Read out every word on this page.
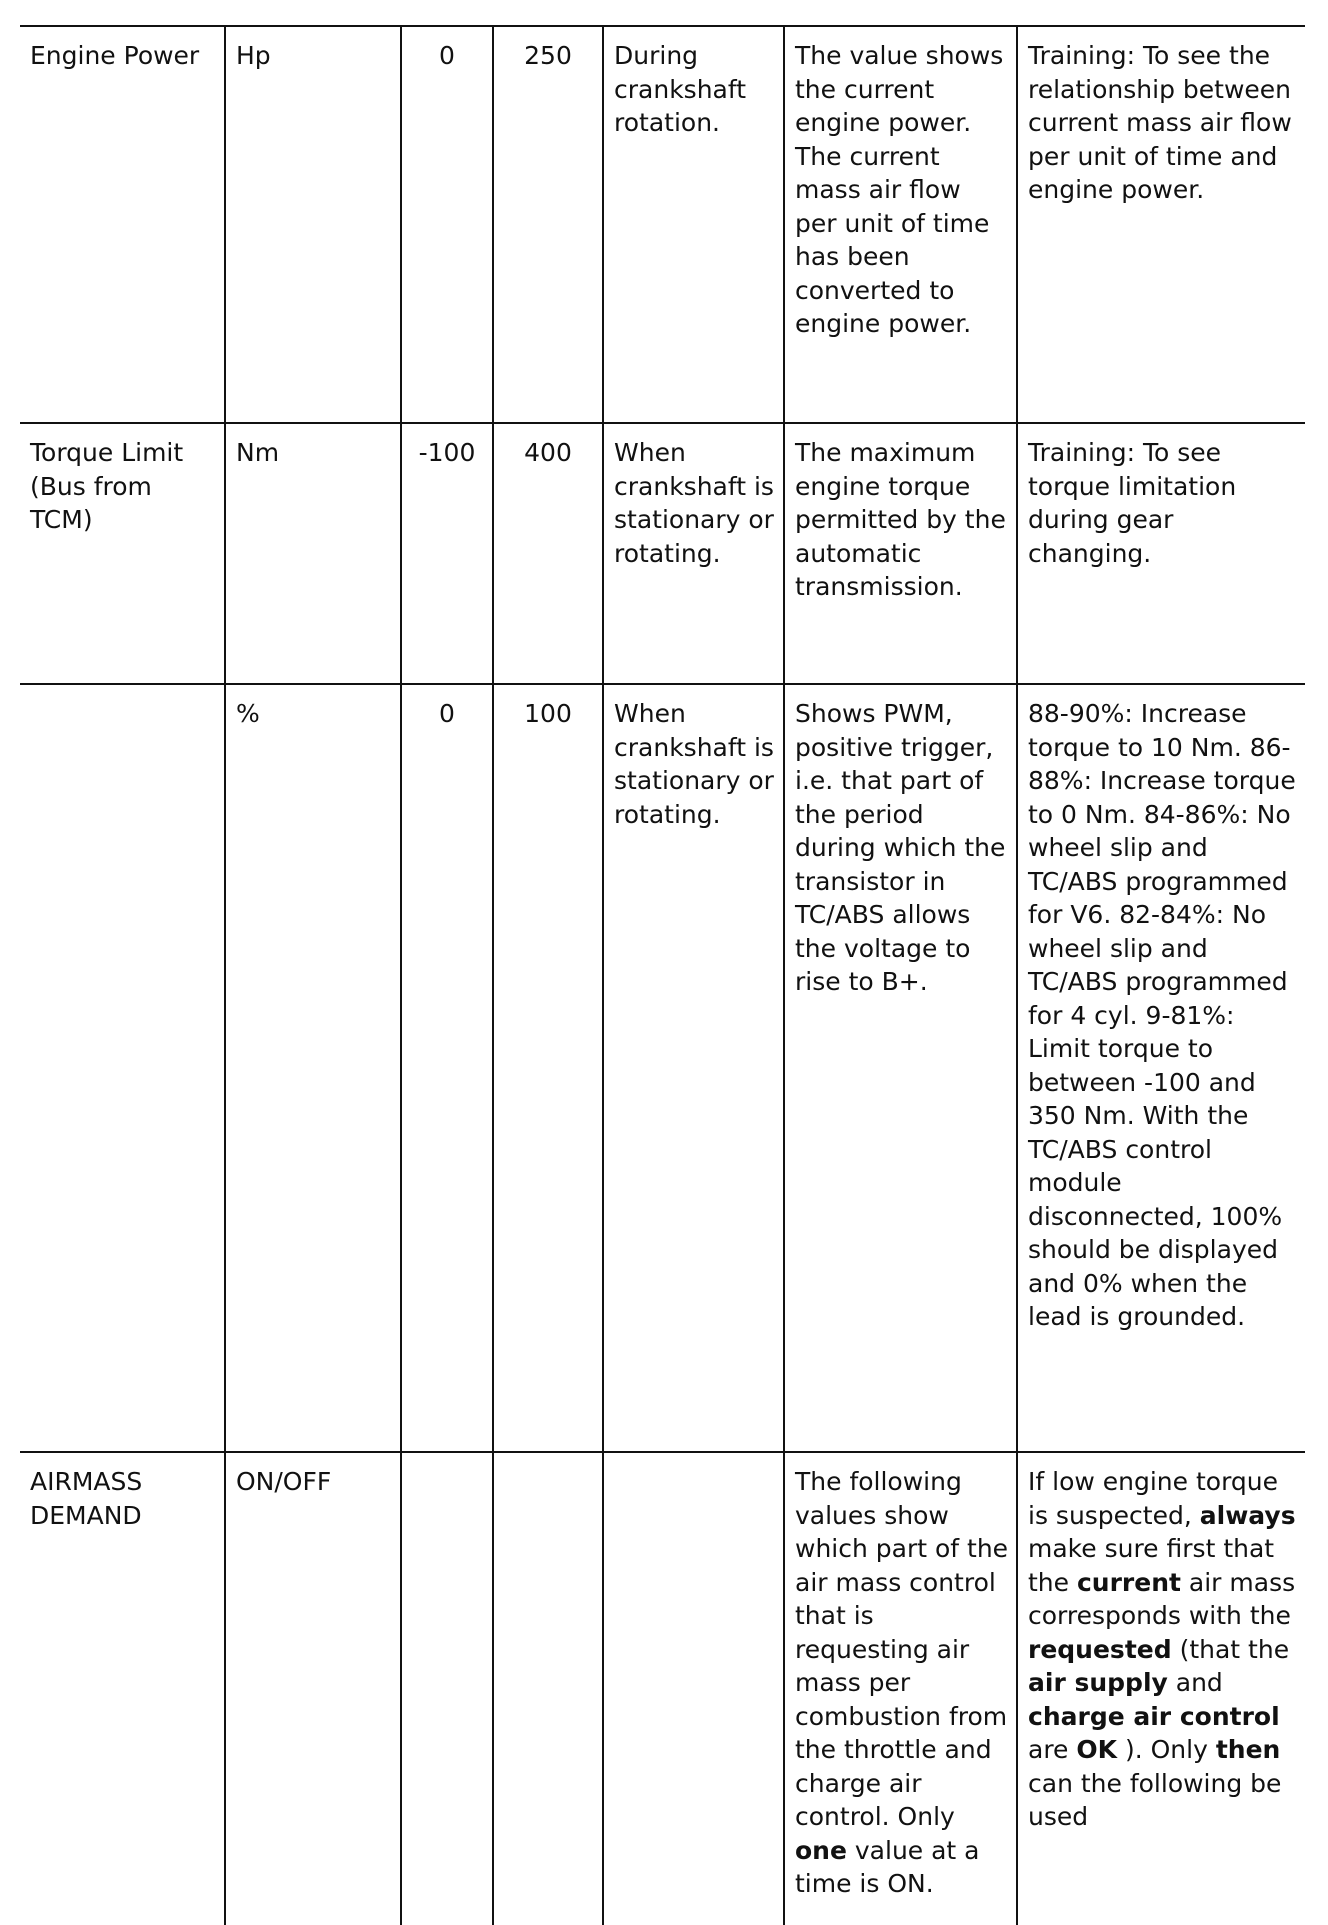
Engine Power	Hp	0	250	During crankshaft rotation.	The value shows the current engine power. The current mass air flow per unit of time has been converted to engine power.	Training: To see the relationship between current mass air flow per unit of time and engine power.
Torque Limit (Bus from TCM)	Nm	-100	400	When crankshaft is stationary or rotating.	The maximum engine torque permitted by the automatic transmission.	Training: To see torque limitation during gear changing.
	%	0	100	When crankshaft is stationary or rotating.	Shows PWM, positive trigger, i.e. that part of the period during which the transistor in TC/ABS allows the voltage to rise to B+.	88-90%: Increase torque to 10 Nm. 86-88%: Increase torque to 0 Nm. 84-86%: No wheel slip and TC/ABS programmed for V6. 82-84%: No wheel slip and TC/ABS programmed for 4 cyl. 9-81%: Limit torque to between -100 and 350 Nm. With the TC/ABS control module disconnected, 100% should be displayed and 0% when the lead is grounded.
AIRMASS DEMAND	ON/OFF				The following values show which part of the air mass control that is requesting air mass per combustion from the throttle and charge air control. Only one value at a time is ON.	If low engine torque is suspected, always make sure first that the current air mass corresponds with the requested (that the air supply and charge air control are OK ). Only then can the following be used
